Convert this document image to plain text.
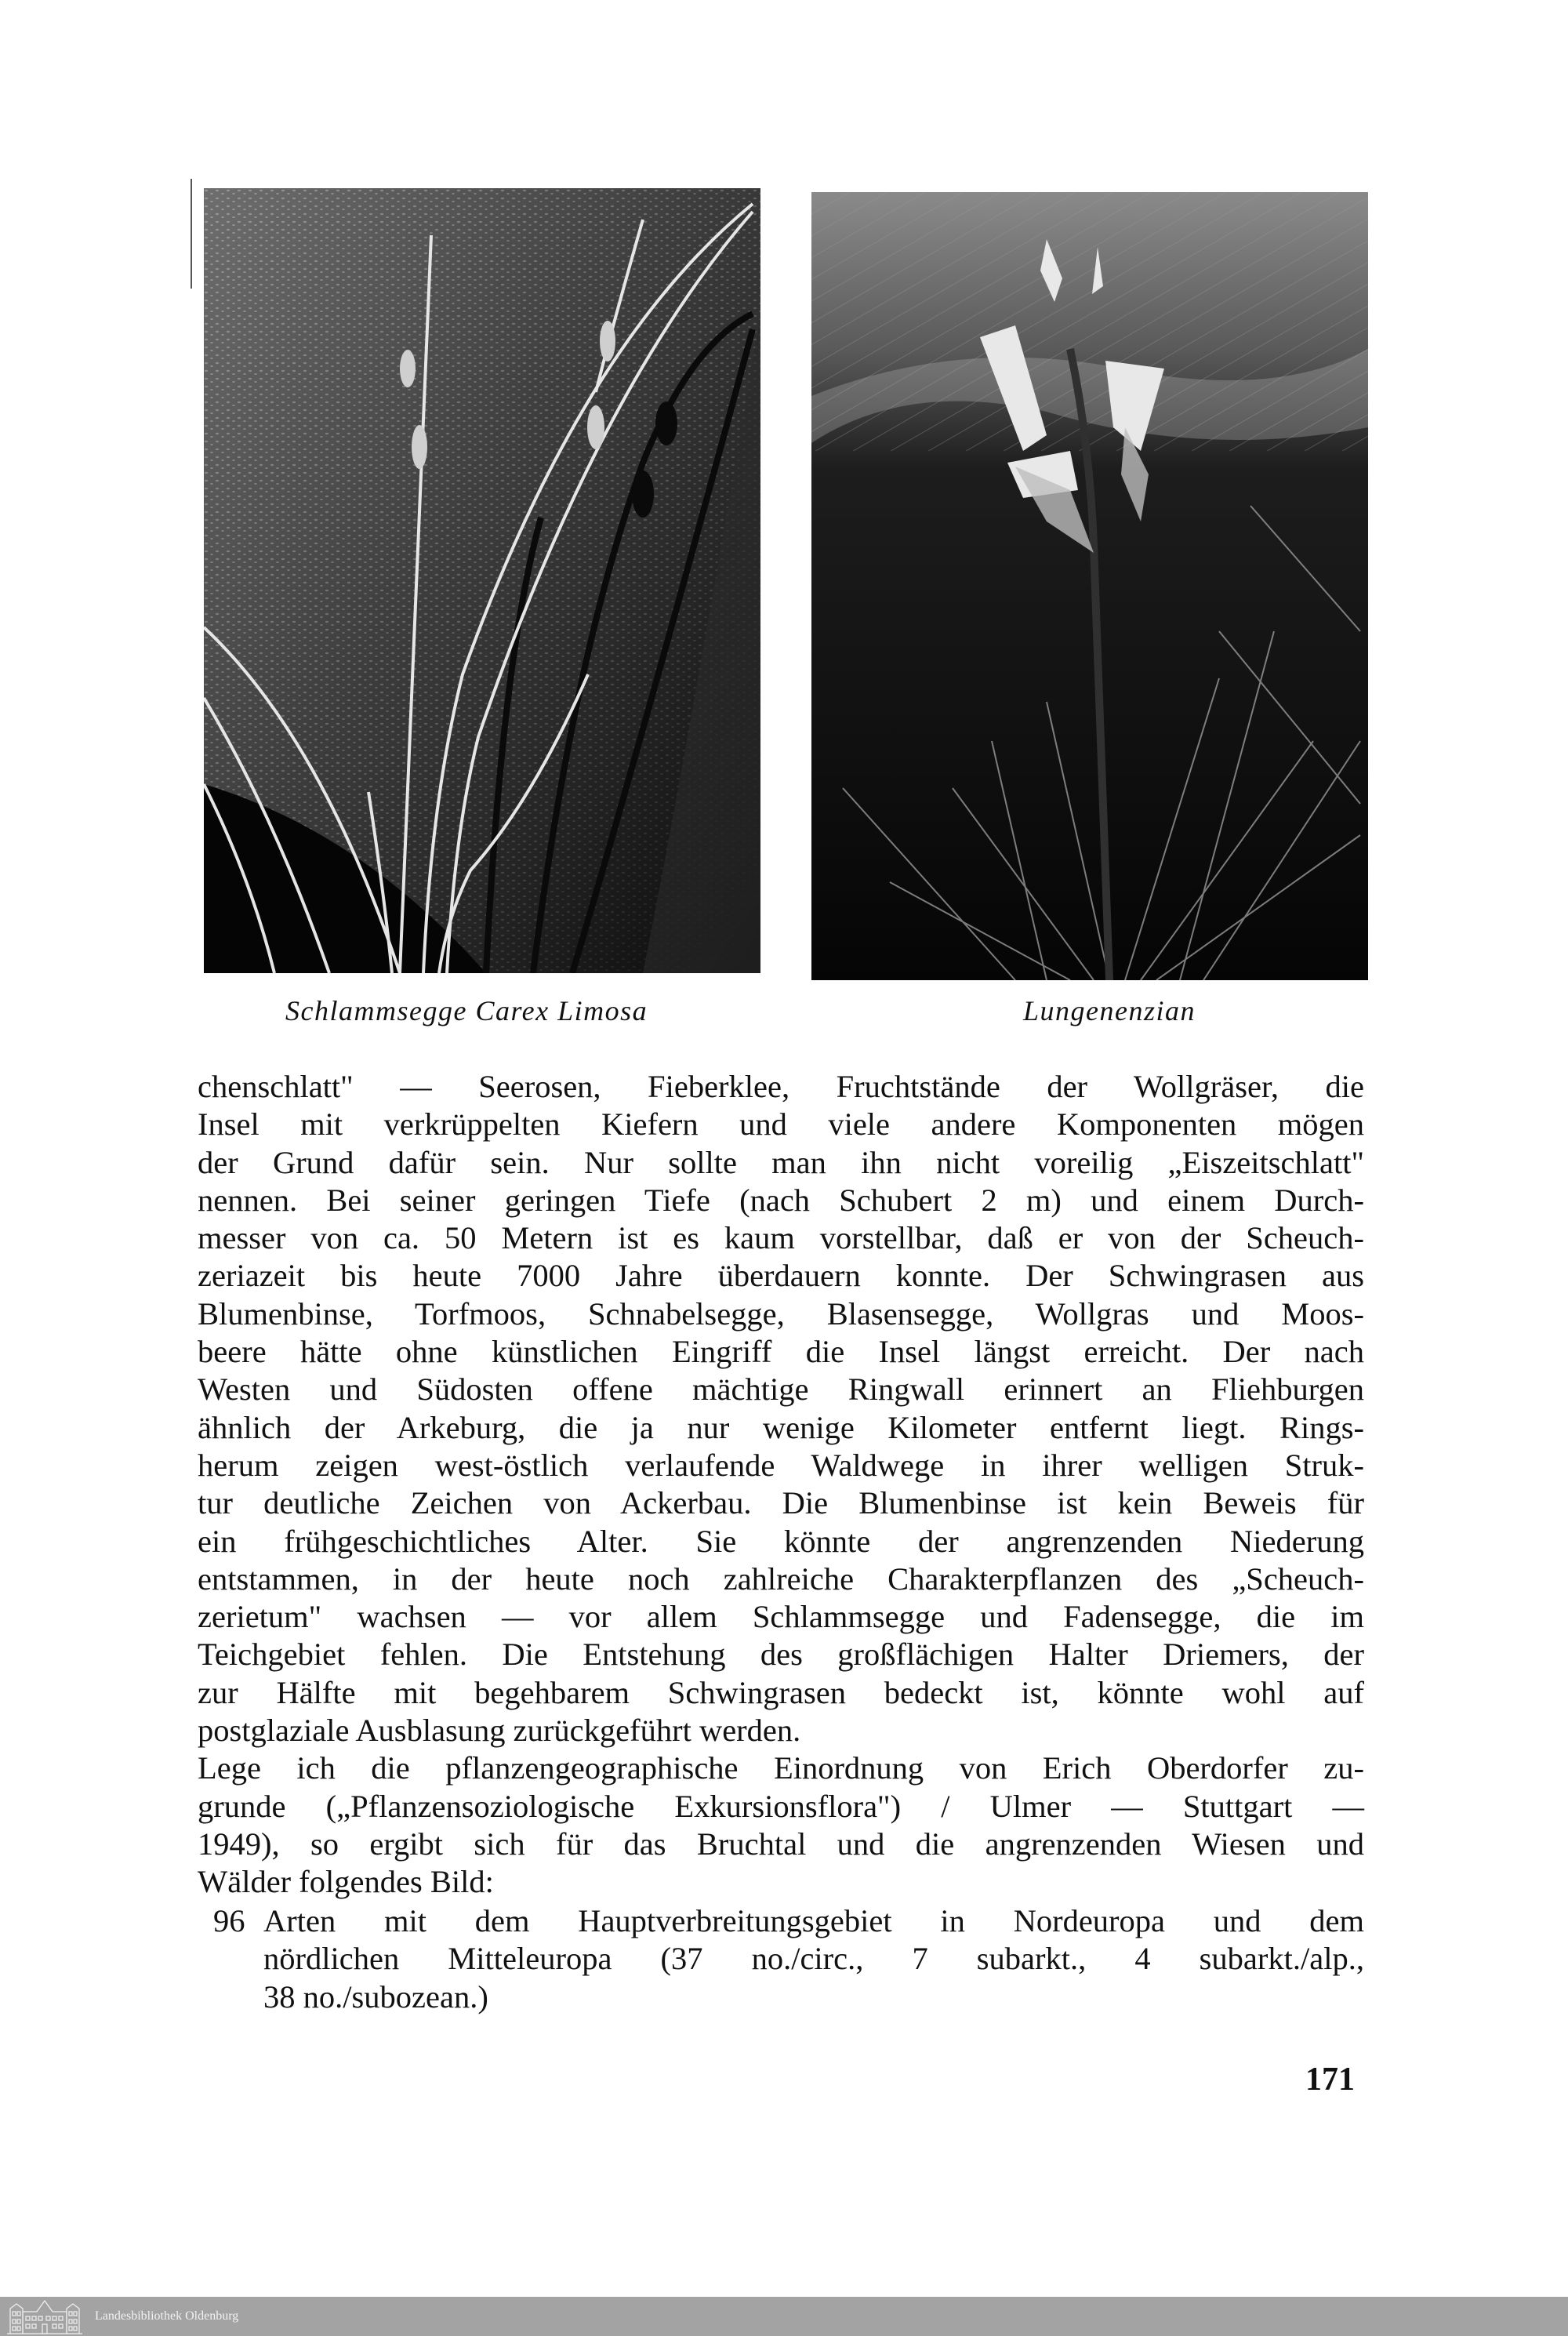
Schlammsegge Carex Limosa	Lungenenzian
chenschlatt" — Seerosen, Fieberklee, Fruchtstände der Wollgräser, die
Insel mit verkrüppelten Kiefern und viele andere Komponenten mögen
der Grund dafür sein. Nur sollte man ihn nicht voreilig „Eiszeitschlatt"
nennen. Bei seiner geringen Tiefe (nach Schubert 2 m) und einem Durch-
messer von ca. 50 Metern ist es kaum vorstellbar, daß er von der Scheuch-
zeriazeit bis heute 7000 Jahre überdauern konnte. Der Schwingrasen aus
Blumenbinse, Torfmoos, Schnabelsegge, Blasensegge, Wollgras und Moos-
beere hätte ohne künstlichen Eingriff die Insel längst erreicht. Der nach
Westen und Südosten offene mächtige Ringwall erinnert an Fliehburgen
ähnlich der Arkeburg, die ja nur wenige Kilometer entfernt liegt. Rings-
herum zeigen west-östlich verlaufende Waldwege in ihrer welligen Struk-
tur deutliche Zeichen von Ackerbau. Die Blumenbinse ist kein Beweis für
ein frühgeschichtliches Alter. Sie könnte der angrenzenden Niederung
entstammen, in der heute noch zahlreiche Charakterpflanzen des „Scheuch-
zerietum" wachsen — vor allem Schlammsegge und Fadensegge, die im
Teichgebiet fehlen. Die Entstehung des großflächigen Halter Driemers, der
zur Hälfte mit begehbarem Schwingrasen bedeckt ist, könnte wohl auf
postglaziale Ausblasung zurückgeführt werden.
Lege ich die pflanzengeographische Einordnung von Erich Oberdorfer zu-
grunde („Pflanzensoziologische Exkursionsflora") / Ulmer — Stuttgart —
1949), so ergibt sich für das Bruchtal und die angrenzenden Wiesen und
Wälder folgendes Bild:
96 Arten mit dem Hauptverbreitungsgebiet in Nordeuropa und dem
nördlichen Mitteleuropa (37 no./circ., 7 subarkt., 4 subarkt./alp.,
38 no./subozean.)
171
Landesbibliothek Oldenburg
